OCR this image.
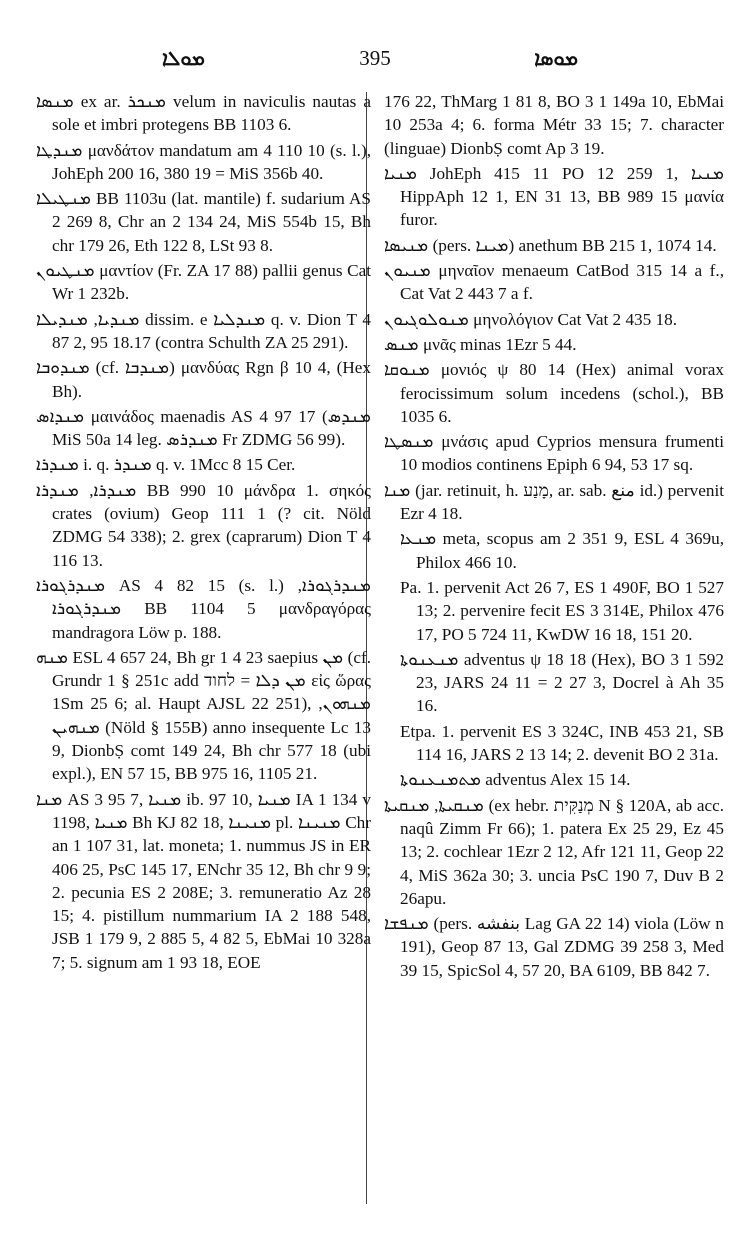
ܡܘܠܐ	395	ܡܘܣܐ

ܡܢܣܐ ex ar. ܡܢܟܪ velum in naviculis nautas a sole et imbri protegens BB 1103 6.

ܡܢܕܛܐ μανδάτον mandatum am 4 110 10 (s. l.), JohEph 200 16, 380 19 = MiS 356b 40.

ܡܢܛܝܠܐ BB 1103u (lat. mantile) f. sudarium AS 2 269 8, Chr an 2 134 24, MiS 554b 15, Bh chr 179 26, Eth 122 8, LSt 93 8.

ܡܢܛܝܘܢ μαντίον (Fr. ZA 17 88) pallii genus Cat Wr 1 232b.

ܡܢܕܝܐ, ܡܢܕܝܠܐ dissim. e ܡܢܕܠܝܐ q. v. Dion T 4 87 2, 95 18.17 (contra Schulth ZA 25 291).

ܡܢܕܘܒܐ (cf. ܡܢܕܒܐ) μανδύας Rgn β 10 4, (Hex Bh).

ܡܢܕܐܣ μαινάδος maenadis AS 4 97 17 (ܡܢܕܣ MiS 50a 14 leg. ܡܢܕܪܣ Fr ZDMG 56 99).

ܡܢܕܪܐ i. q. ܡܢܕܪ q. v. 1Mcc 8 15 Cer.

ܡܢܕܪܐ, ܡܢܕܪܐ BB 990 10 μάνδρα 1. σηκός crates (ovium) Geop 111 1 (? cit. Nöld ZDMG 54 338); 2. grex (caprarum) Dion T 4 116 13.

ܡܢܕܪܓܘܪܐ AS 4 82 15 (s. l.) ܡܢܕܪܓܘܪܐ, ܡܢܕܪܓܘܪܐ BB 1104 5 μανδραγόρας mandragora Löw p. 188.

ܡܢܗ ESL 4 657 24, Bh gr 1 4 23 saepius ܡܢ (cf. Grundr 1 § 251c add ܡܢ ܕܠܐ = לחוד εἰς ὥρας 1Sm 25 6; al. Haupt AJSL 22 251), ܡܢܗܘܢ, ܡܢܗܝܢ (Nöld § 155B) anno insequente Lc 13 9, DionbṢ comt 149 24, Bh chr 577 18 (ubi expl.), EN 57 15, BB 975 16, 1105 21.

ܡܢܐ AS 3 95 7, ܡܢܝܐ ib. 97 10, ܡܢܝܐ IA 1 134 v 1198, ܡܢܝܐ Bh KJ 82 18, ܡܢܝܢܐ pl. ܡܢܝܢܐ Chr an 1 107 31, lat. moneta; 1. nummus JS in ER 406 25, PsC 145 17, ENchr 35 12, Bh chr 9 9; 2. pecunia ES 2 208E; 3. remuneratio Az 28 15; 4. pistillum nummarium IA 2 188 548, JSB 1 179 9, 2 885 5, 4 82 5, EbMai 10 328a 7; 5. signum am 1 93 18, EOE

176 22, ThMarg 1 81 8, BO 3 1 149a 10, EbMai 10 253a 4; 6. forma Métr 33 15; 7. character (linguae) DionbṢ comt Ap 3 19.

ܡܢܝܐ JohEph 415 11 PO 12 259 1, ܡܢܝܐ HippAph 12 1, EN 31 13, BB 989 15 μανία furor.

ܡܢܝܣܐ (pers. ܡܝܢܐ) anethum BB 215 1, 1074 14.

ܡܢܝܘܢ μηναῖον menaeum CatBod 315 14 a f., Cat Vat 2 443 7 a f.

ܡܢܘܠܘܓܝܘܢ μηνολόγιον Cat Vat 2 435 18.

ܡܢܣ μνᾶς minas 1Ezr 5 44.

ܡܢܘܩܐ μονιός ψ 80 14 (Hex) animal vorax ferocissimum solum incedens (schol.), BB 1035 6.

ܡܢܣܛܐ μνάσις apud Cyprios mensura frumenti 10 modios continens Epiph 6 94, 53 17 sq.

ܡܢܐ (jar. retinuit, h. מָנַע, ar. sab. منع id.) pervenit Ezr 4 18.

ܡܢܥܐ meta, scopus am 2 351 9, ESL 4 369u, Philox 466 10.

Pa. 1. pervenit Act 26 7, ES 1 490F, BO 1 527 13; 2. pervenire fecit ES 3 314E, Philox 476 17, PO 5 724 11, KwDW 16 18, 151 20.

ܡܢܥܢܘܬܐ adventus ψ 18 18 (Hex), BO 3 1 592 23, JARS 24 11 = 2 27 3, Docrel à Ah 35 16.

Etpa. 1. pervenit ES 3 324C, INB 453 21, SB 114 16, JARS 2 13 14; 2. devenit BO 2 31a.

ܡܬܡܢܥܢܘܬܐ adventus Alex 15 14.

ܡܢܩܝܬܐ, ܡܢܩܝܬܐ (ex hebr. מְנַקִּית N § 120A, ab acc. naqû Zimm Fr 66); 1. patera Ex 25 29, Ez 45 13; 2. cochlear 1Ezr 2 12, Afr 121 11, Geop 22 4, MiS 362a 30; 3. uncia PsC 190 7, Duv B 2 26apu.

ܡܢܦܫܐ (pers. بنفشه Lag GA 22 14) viola (Löw n 191), Geop 87 13, Gal ZDMG 39 258 3, Med 39 15, SpicSol 4, 57 20, BA 6109, BB 842 7.
